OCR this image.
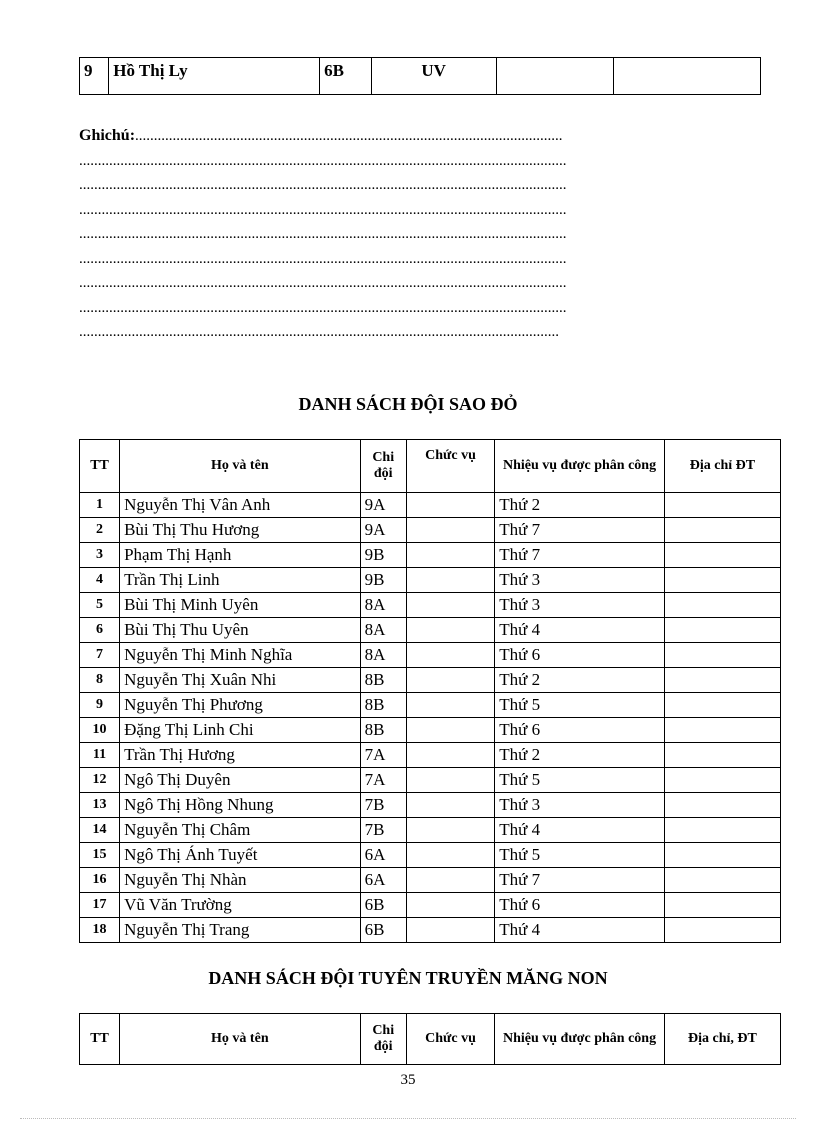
9	Hồ Thị Ly	6B	UV		
Ghichú:..................................................................................................................
..................................................................................................................................
..................................................................................................................................
..................................................................................................................................
..................................................................................................................................
..................................................................................................................................
..................................................................................................................................
..................................................................................................................................
................................................................................................................................
DANH SÁCH ĐỘI SAO ĐỎ
TT	Họ và tên	Chi đội	Chức vụ	Nhiệu vụ được phân công	Địa chỉ ĐT
1	Nguyễn Thị Vân Anh	9A		Thứ 2	
2	Bùi Thị Thu Hương	9A		Thứ 7	
3	Phạm Thị Hạnh	9B		Thứ 7	
4	Trần Thị Linh	9B		Thứ 3	
5	Bùi Thị Minh Uyên	8A		Thứ 3	
6	Bùi Thị Thu Uyên	8A		Thứ 4	
7	Nguyễn Thị Minh Nghĩa	8A		Thứ 6	
8	Nguyễn Thị Xuân Nhi	8B		Thứ 2	
9	Nguyễn Thị Phương	8B		Thứ 5	
10	Đặng Thị Linh Chi	8B		Thứ 6	
11	Trần Thị Hương	7A		Thứ 2	
12	Ngô Thị Duyên	7A		Thứ 5	
13	Ngô Thị Hồng Nhung	7B		Thứ 3	
14	Nguyễn Thị Châm	7B		Thứ 4	
15	Ngô Thị Ánh Tuyết	6A		Thứ 5	
16	Nguyễn Thị Nhàn	6A		Thứ 7	
17	Vũ Văn Trường	6B		Thứ 6	
18	Nguyễn Thị Trang	6B		Thứ 4	
DANH SÁCH ĐỘI TUYÊN TRUYỀN MĂNG NON
TT	Họ và tên	Chi đội	Chức vụ	Nhiệu vụ được phân công	Địa chỉ, ĐT
35
